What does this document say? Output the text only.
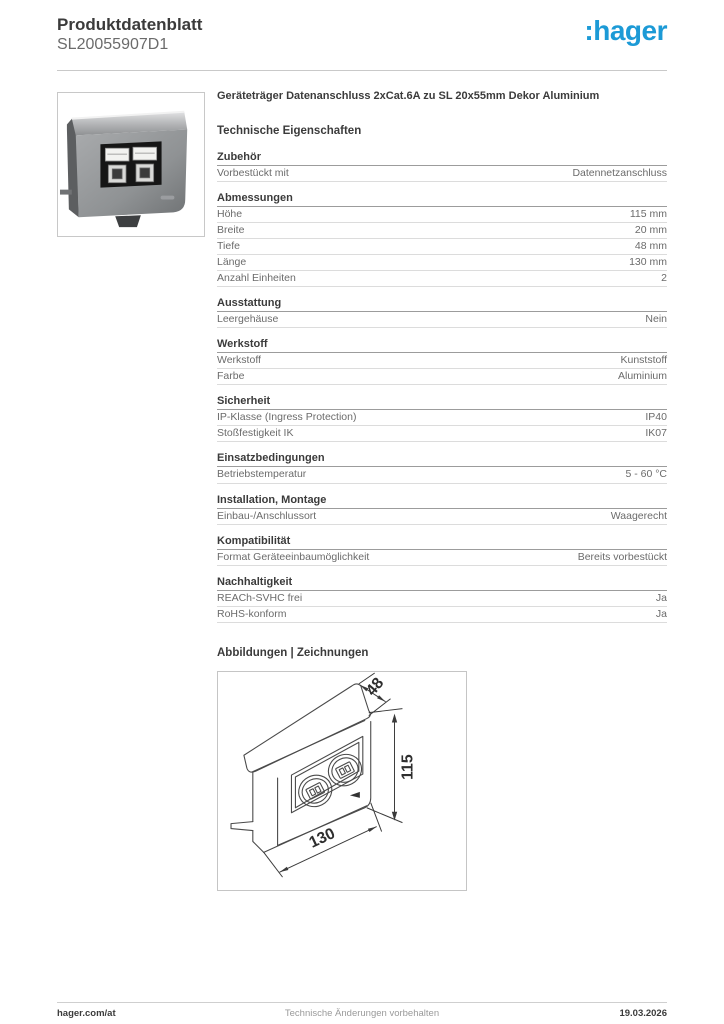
Produktdatenblatt
SL20055907D1	:hager
Geräteträger Datenanschluss 2xCat.6A zu SL 20x55mm Dekor Aluminium
Technische Eigenschaften
Zubehör
Vorbestückt mit	Datennetzanschluss
Abmessungen
Höhe	115 mm
Breite	20 mm
Tiefe	48 mm
Länge	130 mm
Anzahl Einheiten	2
Ausstattung
Leergehäuse	Nein
Werkstoff
Werkstoff	Kunststoff
Farbe	Aluminium
Sicherheit
IP-Klasse (Ingress Protection)	IP40
Stoßfestigkeit IK	IK07
Einsatzbedingungen
Betriebstemperatur	5 - 60 °C
Installation, Montage
Einbau-/Anschlussort	Waagerecht
Kompatibilität
Format Geräteeinbaumöglichkeit	Bereits vorbestückt
Nachhaltigkeit
REACh-SVHC frei	Ja
RoHS-konform	Ja
Abbildungen | Zeichnungen
48
115
130
hager.com/at	Technische Änderungen vorbehalten	19.03.2026
